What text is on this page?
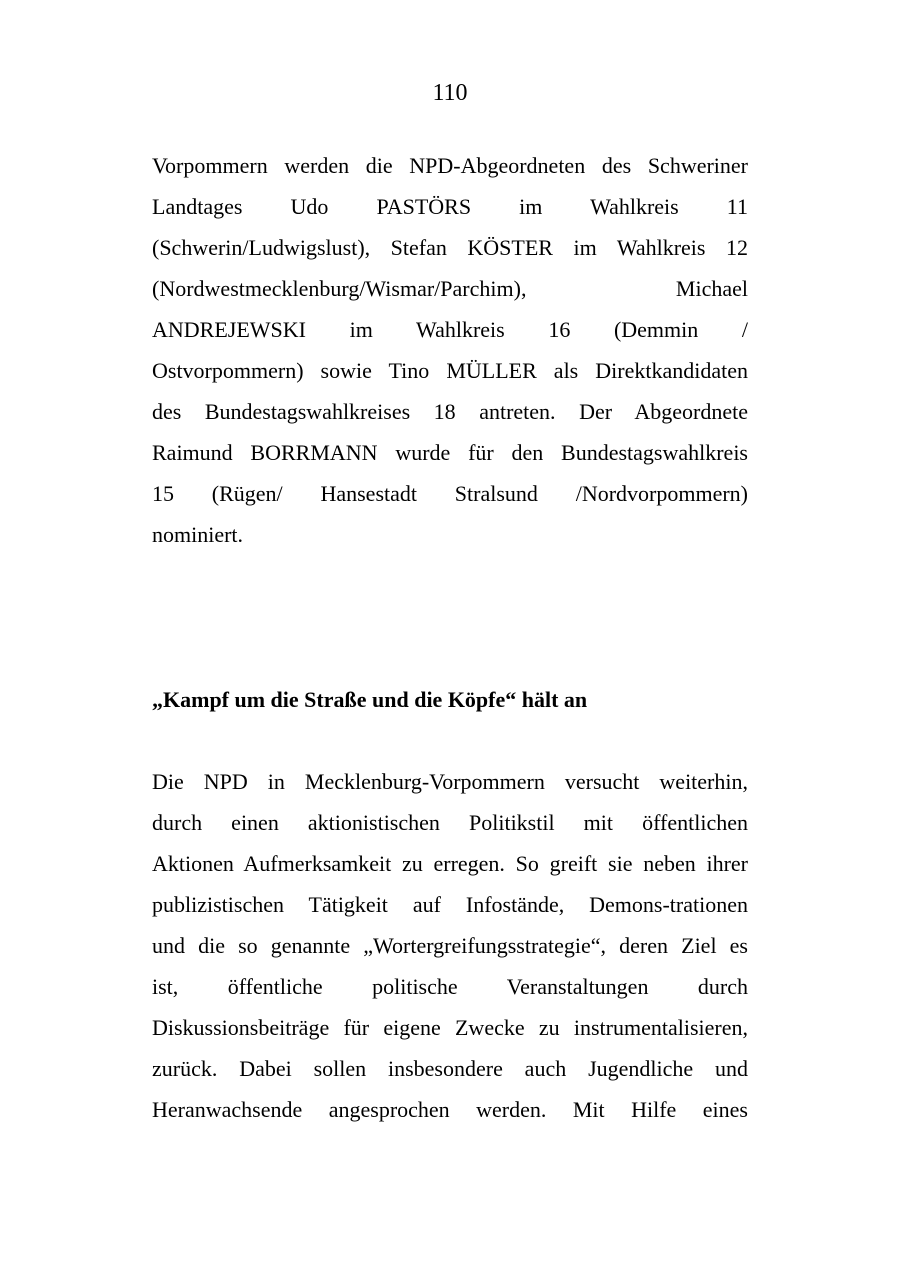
110
Vorpommern werden die NPD-Abgeordneten des Schweriner
Landtages Udo PASTÖRS im Wahlkreis 11
(Schwerin/Ludwigslust), Stefan KÖSTER im Wahlkreis 12
(Nordwestmecklenburg/Wismar/Parchim), Michael
ANDREJEWSKI im Wahlkreis 16 (Demmin /
Ostvorpommern) sowie Tino MÜLLER als Direktkandidaten
des Bundestagswahlkreises 18 antreten. Der Abgeordnete
Raimund BORRMANN wurde für den Bundestagswahlkreis
15 (Rügen/ Hansestadt Stralsund /Nordvorpommern)
nominiert.
„Kampf um die Straße und die Köpfe“ hält an
Die NPD in Mecklenburg-Vorpommern versucht weiterhin,
durch einen aktionistischen Politikstil mit öffentlichen
Aktionen Aufmerksamkeit zu erregen. So greift sie neben ihrer
publizistischen Tätigkeit auf Infostände, Demons-trationen
und die so genannte „Wortergreifungsstrategie“, deren Ziel es
ist, öffentliche politische Veranstaltungen durch
Diskussionsbeiträge für eigene Zwecke zu instrumentalisieren,
zurück. Dabei sollen insbesondere auch Jugendliche und
Heranwachsende angesprochen werden. Mit Hilfe eines
